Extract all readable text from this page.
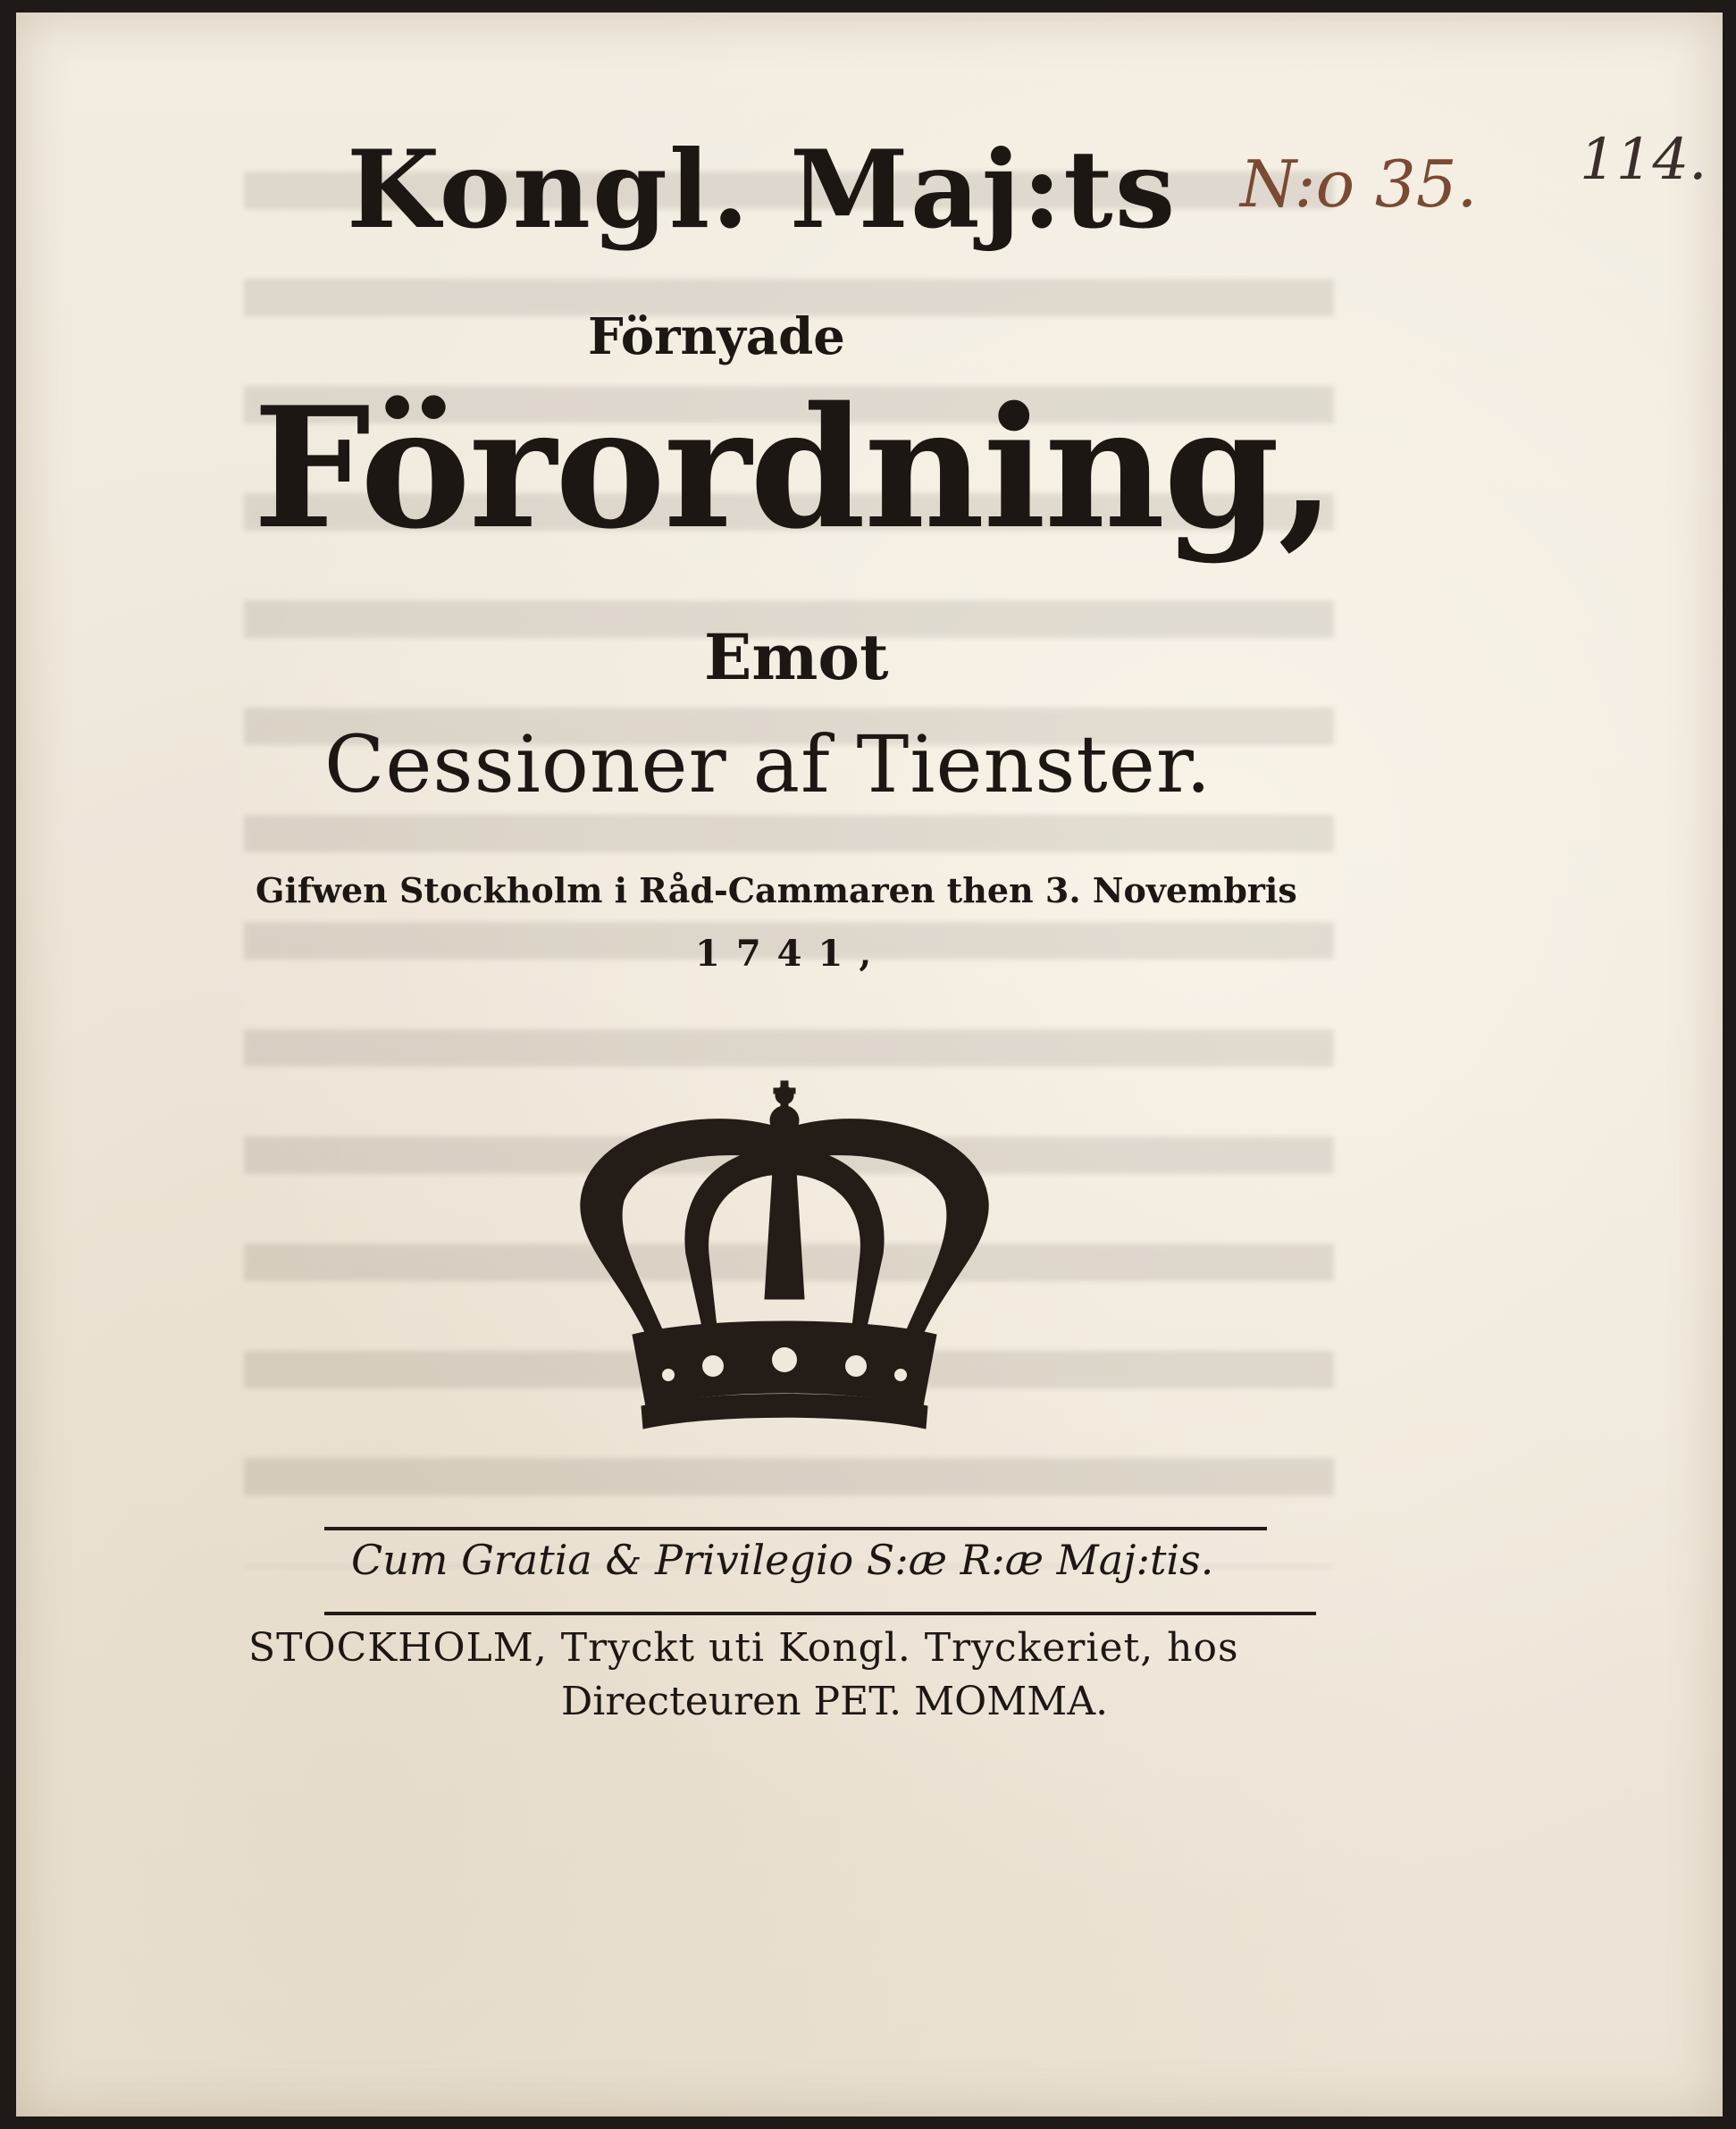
Kongl. Maj:ts
Förnyade
Förordning,
Emot
Cessioner af Tienster.
Gifwen Stockholm i Råd-Cammaren then 3. Novembris
1741,
N:o 35. 114.
Cum Gratia & Privilegio S:æ R:æ Maj:tis.
STOCKHOLM, Tryckt uti Kongl. Tryckeriet, hos
Directeuren PET. MOMMA.
